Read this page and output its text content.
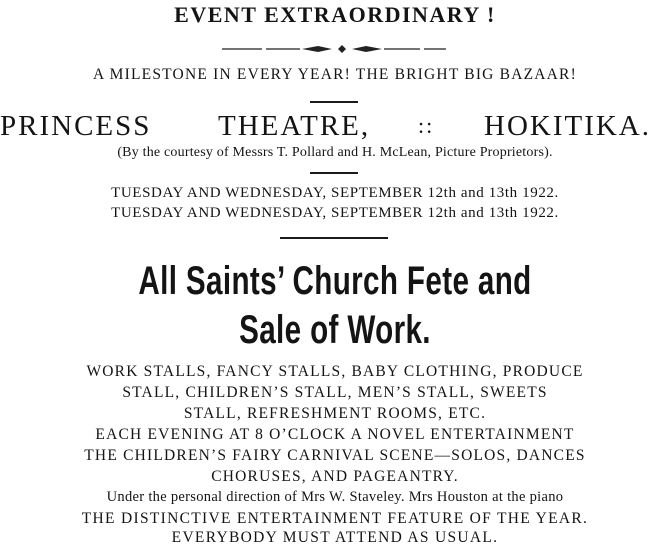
EVENT EXTRAORDINARY !
A MILESTONE IN EVERY YEAR! THE BRIGHT BIG BAZAAR!
PRINCESS THEATRE, :: HOKITIKA.
(By the courtesy of Messrs T. Pollard and H. McLean, Picture Proprietors).
TUESDAY AND WEDNESDAY, SEPTEMBER 12th and 13th 1922.
TUESDAY AND WEDNESDAY, SEPTEMBER 12th and 13th 1922.
All Saints’ Church Fete and
Sale of Work.
WORK STALLS, FANCY STALLS, BABY CLOTHING, PRODUCE
STALL, CHILDREN’S STALL, MEN’S STALL, SWEETS
STALL, REFRESHMENT ROOMS, ETC.
EACH EVENING AT 8 O’CLOCK A NOVEL ENTERTAINMENT
THE CHILDREN’S FAIRY CARNIVAL SCENE—SOLOS, DANCES
CHORUSES, AND PAGEANTRY.
Under the personal direction of Mrs W. Staveley. Mrs Houston at the piano
THE DISTINCTIVE ENTERTAINMENT FEATURE OF THE YEAR.
EVERYBODY MUST ATTEND AS USUAL.
